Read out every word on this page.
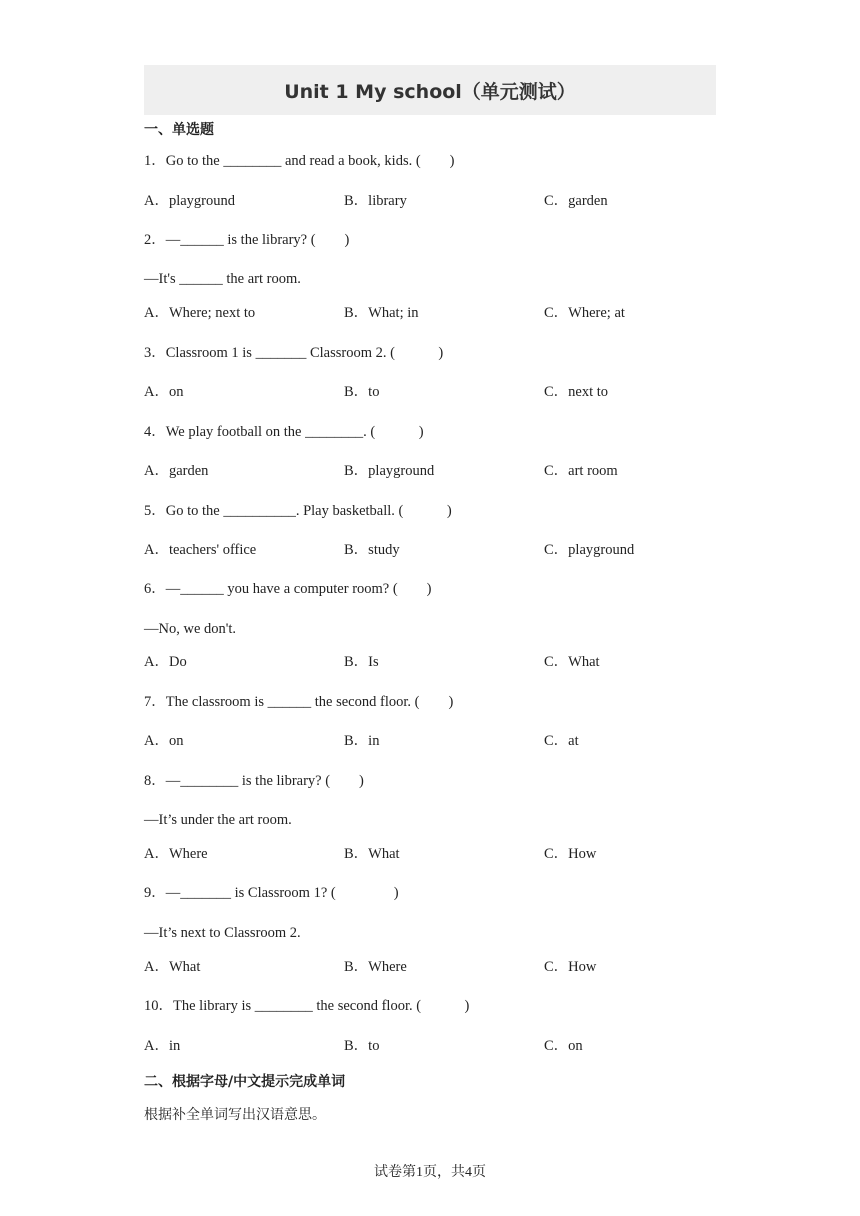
Unit 1 My school（单元测试）
一、单选题
1．Go to the ________ and read a book, kids. (　　)
A．playground	B．library	C．garden
2．—______ is the library? (　　)
—It's ______ the art room.
A．Where; next to	B．What; in	C．Where; at
3．Classroom 1 is _______ Classroom 2. (　　　)
A．on	B．to	C．next to
4．We play football on the ________. (　　　)
A．garden	B．playground	C．art room
5．Go to the __________. Play basketball. (　　　)
A．teachers' office	B．study	C．playground
6．—______ you have a computer room? (　　)
—No, we don't.
A．Do	B．Is	C．What
7．The classroom is ______ the second floor. (　　)
A．on	B．in	C．at
8．—________ is the library? (　　)
—It’s under the art room.
A．Where	B．What	C．How
9．—_______ is Classroom 1? (　　　　)
—It’s next to Classroom 2.
A．What	B．Where	C．How
10．The library is ________ the second floor. (　　　)
A．in	B．to	C．on
二、根据字母/中文提示完成单词
根据补全单词写出汉语意思。
试卷第1页，共4页
